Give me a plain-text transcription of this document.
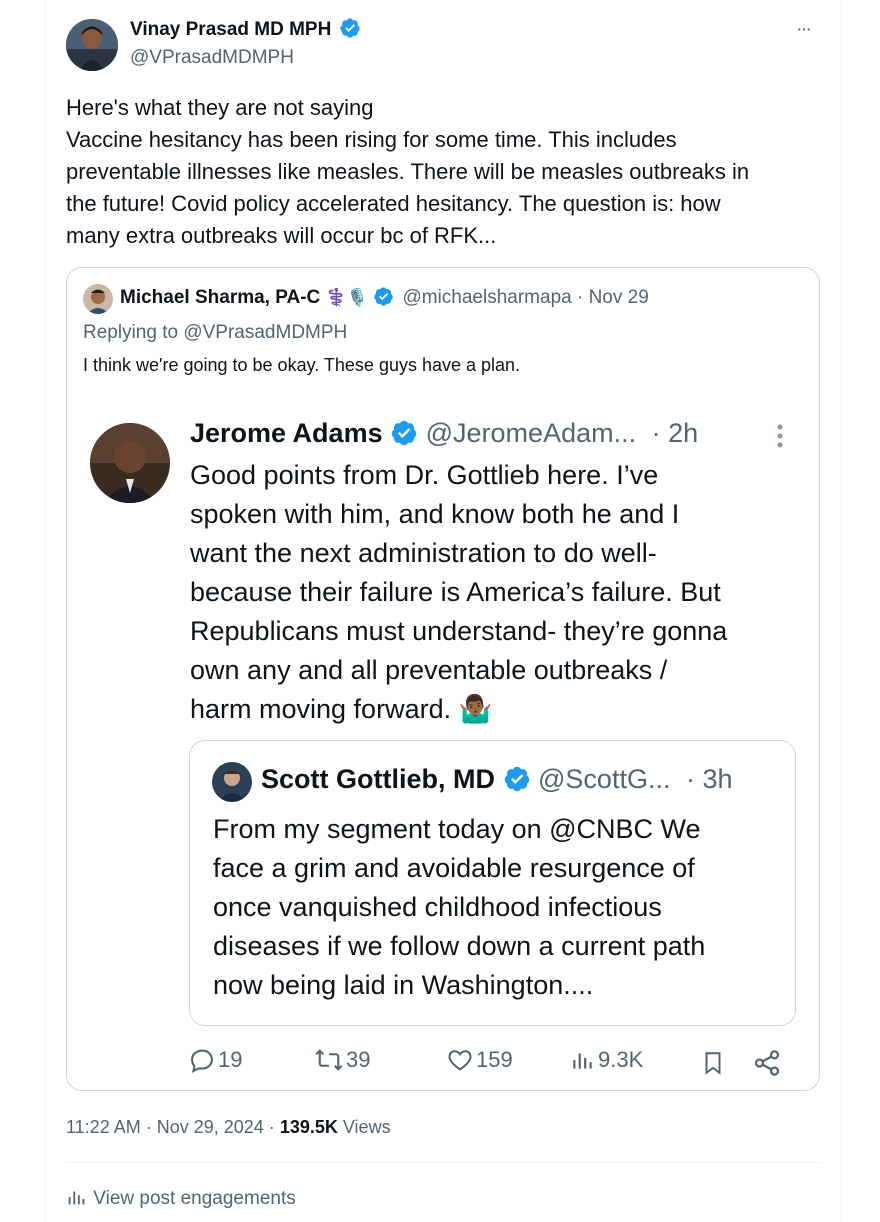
Vinay Prasad MD MPH
@VPrasadMDMPH
···
Here's what they are not saying
Vaccine hesitancy has been rising for some time. This includes
preventable illnesses like measles. There will be measles outbreaks in
the future! Covid policy accelerated hesitancy. The question is: how
many extra outbreaks will occur bc of RFK...
Michael Sharma, PA-C ⚕️🎙️ @michaelsharmapa · Nov 29
Replying to @VPrasadMDMPH
I think we're going to be okay. These guys have a plan.
Jerome Adams @JeromeAdam... · 2h
Good points from Dr. Gottlieb here. I’ve
spoken with him, and know both he and I
want the next administration to do well-
because their failure is America’s failure. But
Republicans must understand- they’re gonna
own any and all preventable outbreaks /
harm moving forward. 🤷🏾‍♂️
Scott Gottlieb, MD @ScottG... · 3h
From my segment today on @CNBC We
face a grim and avoidable resurgence of
once vanquished childhood infectious
diseases if we follow down a current path
now being laid in Washington....
19	39	159	9.3K
11:22 AM · Nov 29, 2024 · 139.5K Views
View post engagements
